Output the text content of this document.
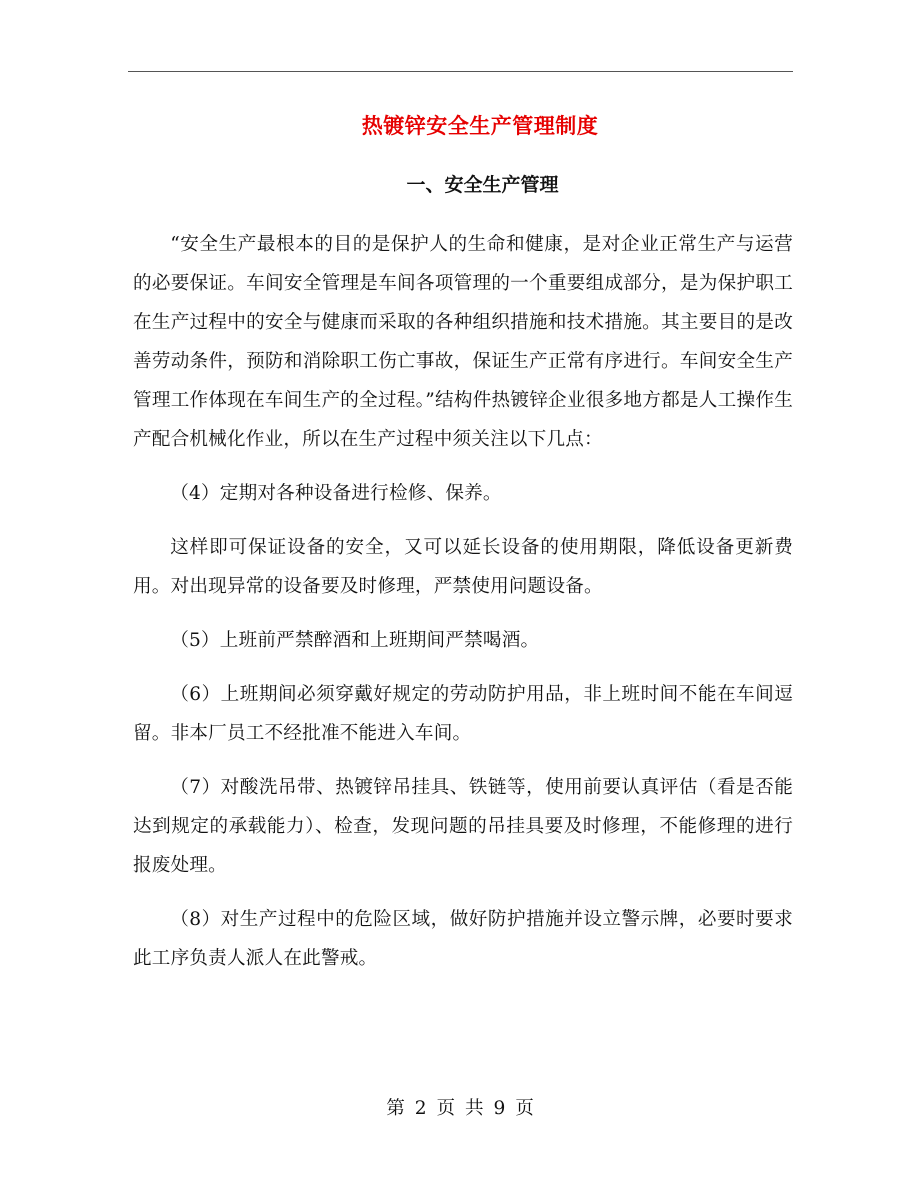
热镀锌安全生产管理制度
一、安全生产管理

“安全生产最根本的目的是保护人的生命和健康，是对企业正常生产与运营的必要保证。车间安全管理是车间各项管理的一个重要组成部分，是为保护职工在生产过程中的安全与健康而采取的各种组织措施和技术措施。其主要目的是改善劳动条件，预防和消除职工伤亡事故，保证生产正常有序进行。车间安全生产管理工作体现在车间生产的全过程。”结构件热镀锌企业很多地方都是人工操作生产配合机械化作业，所以在生产过程中须关注以下几点：

（4）定期对各种设备进行检修、保养。

这样即可保证设备的安全，又可以延长设备的使用期限，降低设备更新费用。对出现异常的设备要及时修理，严禁使用问题设备。

（5）上班前严禁醉酒和上班期间严禁喝酒。

（6）上班期间必须穿戴好规定的劳动防护用品，非上班时间不能在车间逗留。非本厂员工不经批准不能进入车间。

（7）对酸洗吊带、热镀锌吊挂具、铁链等，使用前要认真评估（看是否能达到规定的承载能力）、检查，发现问题的吊挂具要及时修理，不能修理的进行报废处理。

（8）对生产过程中的危险区域，做好防护措施并设立警示牌，必要时要求此工序负责人派人在此警戒。

第 2 页 共 9 页
